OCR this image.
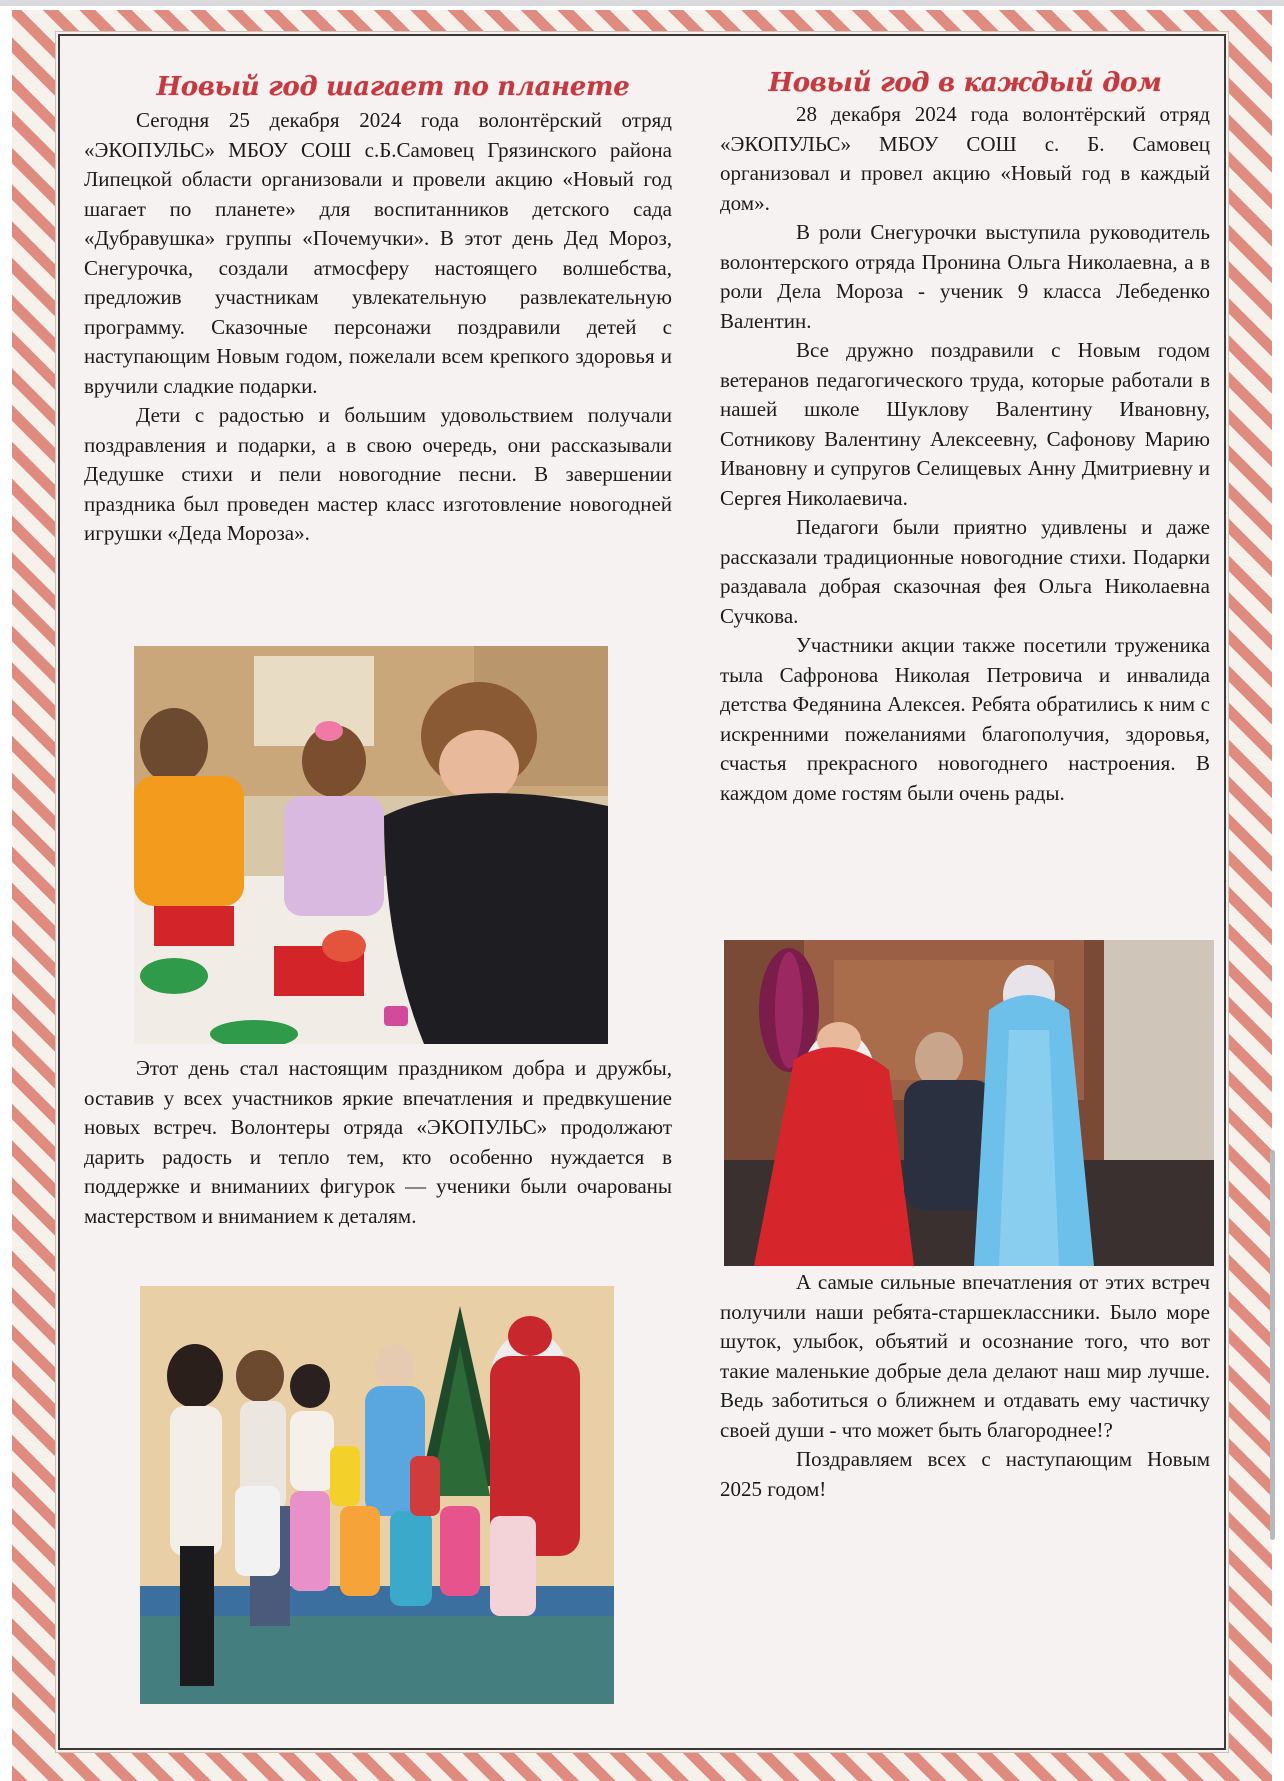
Новый год шагает по планете

Сегодня 25 декабря 2024 года волонтёрский отряд «ЭКОПУЛЬС» МБОУ СОШ с.Б.Самовец Грязинского района Липецкой области организовали и провели акцию «Новый год шагает по планете» для воспитанников детского сада «Дубравушка» группы «Почемучки». В этот день Дед Мороз, Снегурочка, создали атмосферу настоящего волшебства, предложив участникам увлекательную развлекательную программу. Сказочные персонажи поздравили детей с наступающим Новым годом, пожелали всем крепкого здоровья и вручили сладкие подарки.

Дети с радостью и большим удовольствием получали поздравления и подарки, а в свою очередь, они рассказывали Дедушке стихи и пели новогодние песни. В завершении праздника был проведен мастер класс изготовление новогодней игрушки «Деда Мороза».

Этот день стал настоящим праздником добра и дружбы, оставив у всех участников яркие впечатления и предвкушение новых встреч. Волонтеры отряда «ЭКОПУЛЬС» продолжают дарить радость и тепло тем, кто особенно нуждается в поддержке и вниманиих фигурок — ученики были очарованы мастерством и вниманием к деталям.

Новый год в каждый дом

28 декабря 2024 года волонтёрский отряд «ЭКОПУЛЬС» МБОУ СОШ с. Б. Самовец организовал и провел акцию «Новый год в каждый дом».

В роли Снегурочки выступила руководитель волонтерского отряда Пронина Ольга Николаевна, а в роли Дела Мороза - ученик 9 класса Лебеденко Валентин.

Все дружно поздравили с Новым годом ветеранов педагогического труда, которые работали в нашей школе Шуклову Валентину Ивановну, Сотникову Валентину Алексеевну, Сафонову Марию Ивановну и супругов Селищевых Анну Дмитриевну и Сергея Николаевича.

Педагоги были приятно удивлены и даже рассказали традиционные новогодние стихи. Подарки раздавала добрая сказочная фея Ольга Николаевна Сучкова.

Участники акции также посетили труженика тыла Сафронова Николая Петровича и инвалида детства Федянина Алексея. Ребята обратились к ним с искренними пожеланиями благополучия, здоровья, счастья прекрасного новогоднего настроения. В каждом доме гостям были очень рады.

А самые сильные впечатления от этих встреч получили наши ребята-старшеклассники. Было море шуток, улыбок, объятий и осознание того, что вот такие маленькие добрые дела делают наш мир лучше. Ведь заботиться о ближнем и отдавать ему частичку своей души - что может быть благороднее!?

Поздравляем всех с наступающим Новым 2025 годом!
